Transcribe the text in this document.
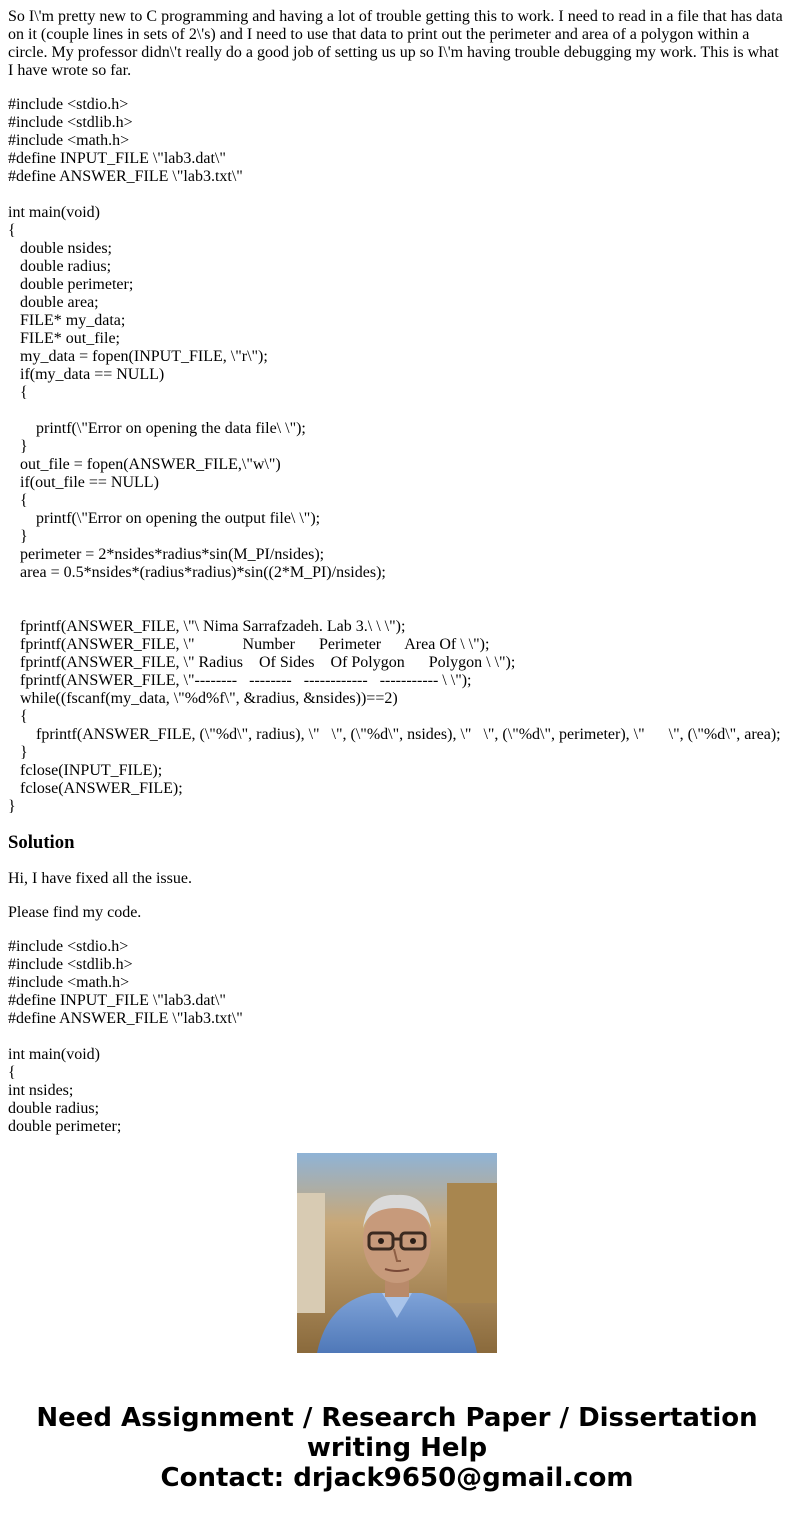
So I\'m pretty new to C programming and having a lot of trouble getting this to work. I need to read in a file that has data on it (couple lines in sets of 2\'s) and I need to use that data to print out the perimeter and area of a polygon within a circle. My professor didn\'t really do a good job of setting us up so I\'m having trouble debugging my work. This is what I have wrote so far.

#include <stdio.h>
#include <stdlib.h>
#include <math.h>
#define INPUT_FILE \"lab3.dat\"
#define ANSWER_FILE \"lab3.txt\"
int main(void)
{
double nsides;
double radius;
double perimeter;
double area;
FILE* my_data;
FILE* out_file;
my_data = fopen(INPUT_FILE, \"r\");
if(my_data == NULL)
{
printf(\"Error on opening the data file\ \");
}
out_file = fopen(ANSWER_FILE,\"w\")
if(out_file == NULL)
{
printf(\"Error on opening the output file\ \");
}
perimeter = 2*nsides*radius*sin(M_PI/nsides);
area = 0.5*nsides*(radius*radius)*sin((2*M_PI)/nsides);
fprintf(ANSWER_FILE, \"\ Nima Sarrafzadeh. Lab 3.\ \ \");
fprintf(ANSWER_FILE, \"            Number      Perimeter      Area Of \ \");
fprintf(ANSWER_FILE, \" Radius    Of Sides    Of Polygon      Polygon \ \");
fprintf(ANSWER_FILE, \"--------   --------   ------------   ----------- \ \");
while((fscanf(my_data, \"%d%f\", &radius, &nsides))==2)
{
fprintf(ANSWER_FILE, (\"%d\", radius), \"   \", (\"%d\", nsides), \"   \", (\"%d\", perimeter), \"      \", (\"%d\", area);
}
fclose(INPUT_FILE);
fclose(ANSWER_FILE);
}
Solution

Hi, I have fixed all the issue.

Please find my code.

#include <stdio.h>
#include <stdlib.h>
#include <math.h>
#define INPUT_FILE \"lab3.dat\"
#define ANSWER_FILE \"lab3.txt\"
int main(void)
{
int nsides;
double radius;
double perimeter;
Need Assignment / Research Paper / Dissertation
writing Help
Contact: drjack9650@gmail.com
